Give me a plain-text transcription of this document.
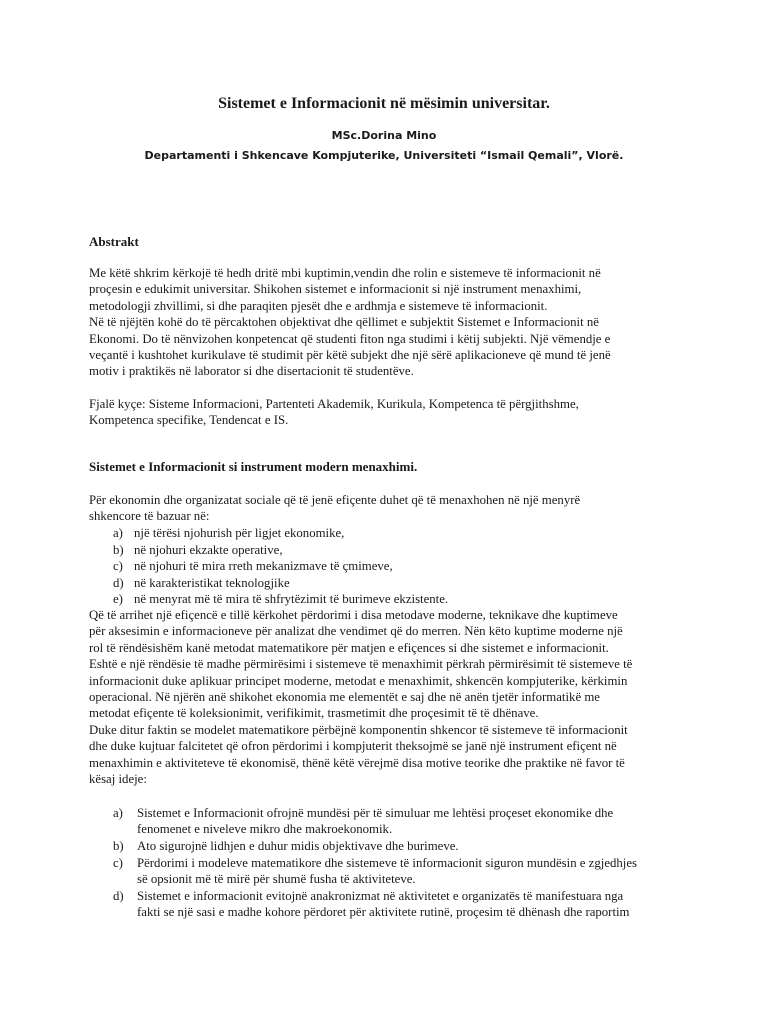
Sistemet e Informacionit në mësimin universitar.
MSc.Dorina Mino
Departamenti i Shkencave Kompjuterike, Universiteti “Ismail Qemali”, Vlorë.
Abstrakt
Me këtë shkrim kërkojë të hedh dritë mbi kuptimin,vendin dhe rolin e sistemeve të informacionit në
proçesin e edukimit universitar. Shikohen sistemet e informacionit si një instrument menaxhimi,
metodologji zhvillimi, si dhe paraqiten pjesët dhe e ardhmja e sistemeve të informacionit.
Në të njëjtën kohë do të përcaktohen objektivat dhe qëllimet e subjektit Sistemet e Informacionit në
Ekonomi. Do të nënvizohen konpetencat që studenti fiton nga studimi i këtij subjekti. Një vëmendje e
veçantë i kushtohet kurikulave të studimit për këtë subjekt dhe një sërë aplikacioneve që mund të jenë
motiv i praktikës në laborator si dhe disertacionit të studentëve.
Fjalë kyçe: Sisteme Informacioni, Partenteti Akademik, Kurikula, Kompetenca të përgjithshme,
Kompetenca specifike, Tendencat e IS.
Sistemet e Informacionit si instrument modern menaxhimi.
Për ekonomin dhe organizatat sociale që të jenë efiçente duhet që të menaxhohen në një menyrë
shkencore të bazuar në:
a) një tërësi njohurish për ligjet ekonomike,
b) në njohuri ekzakte operative,
c) në njohuri të mira rreth mekanizmave të çmimeve,
d) në karakteristikat teknologjike
e) në menyrat më të mira të shfrytëzimit të burimeve ekzistente.
Që të arrihet një efiçencë e tillë kërkohet përdorimi i disa metodave moderne, teknikave dhe kuptimeve
për aksesimin e informacioneve për analizat dhe vendimet që do merren. Nën këto kuptime moderne një
rol të rëndësishëm kanë metodat matematikore për matjen e efiçences si dhe sistemet e informacionit.
Eshtë e një rëndësie të madhe përmirësimi i sistemeve të menaxhimit përkrah përmirësimit të sistemeve të
informacionit duke aplikuar principet moderne, metodat e menaxhimit, shkencën kompjuterike, kërkimin
operacional. Në njërën anë shikohet ekonomia me elementët e saj dhe në anën tjetër informatikë me
metodat efiçente të koleksionimit, verifikimit, trasmetimit dhe proçesimit të të dhënave.
Duke ditur faktin se modelet matematikore përbëjnë komponentin shkencor të sistemeve të informacionit
dhe duke kujtuar falcitetet që ofron përdorimi i kompjuterit theksojmë se janë një instrument efiçent në
menaxhimin e aktiviteteve të ekonomisë, thënë këtë vërejmë disa motive teorike dhe praktike në favor të
kësaj ideje:
a) Sistemet e Informacionit ofrojnë mundësi për të simuluar me lehtësi proçeset ekonomike dhe
fenomenet e niveleve mikro dhe makroekonomik.
b) Ato sigurojnë lidhjen e duhur midis objektivave dhe burimeve.
c) Përdorimi i modeleve matematikore dhe sistemeve të informacionit siguron mundësin e zgjedhjes
së opsionit më të mirë për shumë fusha të aktiviteteve.
d) Sistemet e informacionit evitojnë anakronizmat në aktivitetet e organizatës të manifestuara nga
fakti se një sasi e madhe kohore përdoret për aktivitete rutinë, proçesim të dhënash dhe raportim
